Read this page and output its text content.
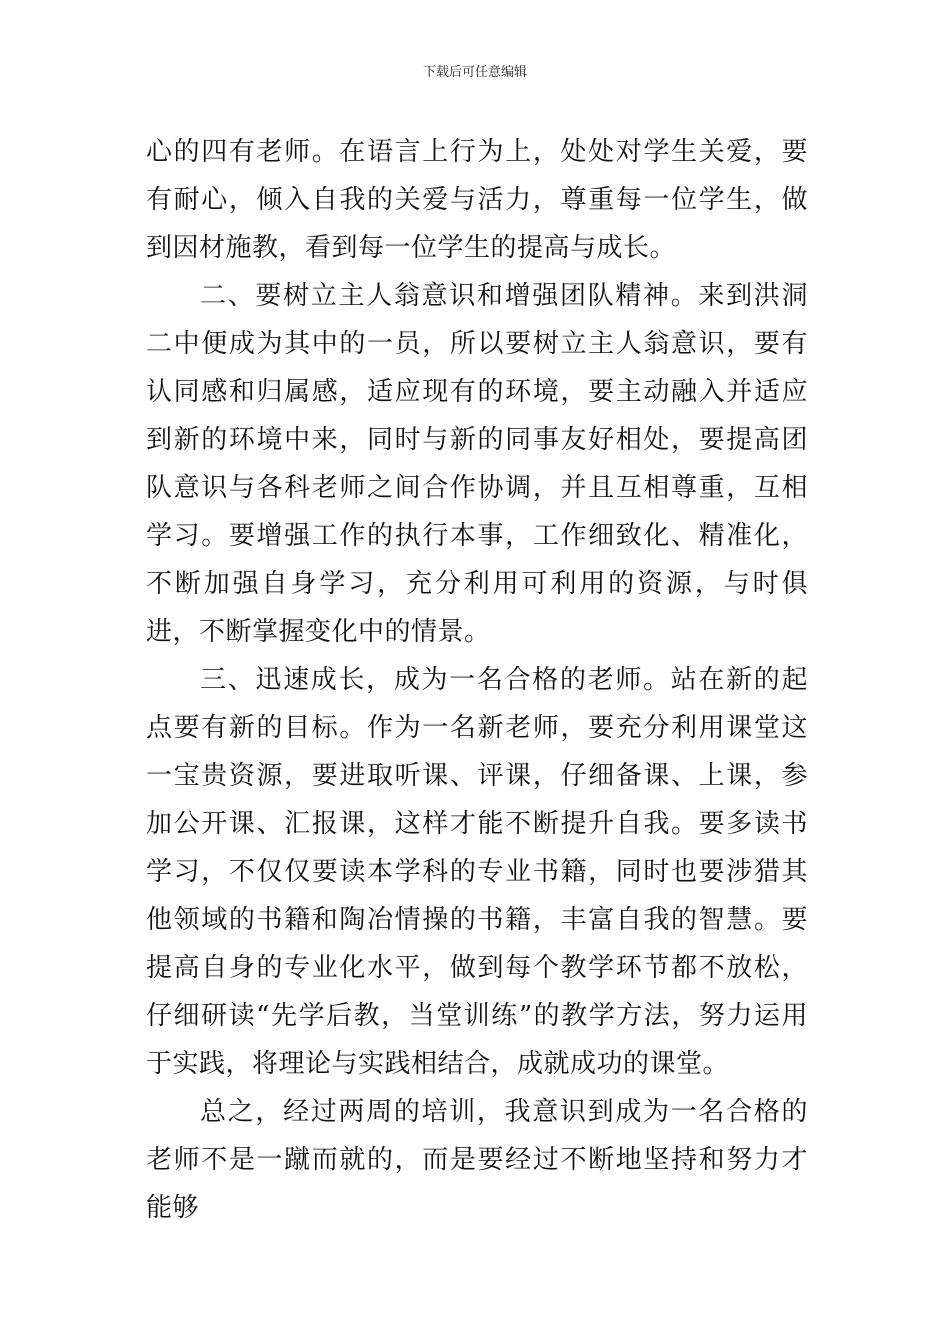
下载后可任意编辑

心的四有老师。在语言上行为上，处处对学生关爱，要有耐心，倾入自我的关爱与活力，尊重每一位学生，做到因材施教，看到每一位学生的提高与成长。

二、要树立主人翁意识和增强团队精神。来到洪洞二中便成为其中的一员，所以要树立主人翁意识，要有认同感和归属感，适应现有的环境，要主动融入并适应到新的环境中来，同时与新的同事友好相处，要提高团队意识与各科老师之间合作协调，并且互相尊重，互相学习。要增强工作的执行本事，工作细致化、精准化，不断加强自身学习，充分利用可利用的资源，与时俱进，不断掌握变化中的情景。

三、迅速成长，成为一名合格的老师。站在新的起点要有新的目标。作为一名新老师，要充分利用课堂这一宝贵资源，要进取听课、评课，仔细备课、上课，参加公开课、汇报课，这样才能不断提升自我。要多读书学习，不仅仅要读本学科的专业书籍，同时也要涉猎其他领域的书籍和陶冶情操的书籍，丰富自我的智慧。要提高自身的专业化水平，做到每个教学环节都不放松，仔细研读“先学后教，当堂训练”的教学方法，努力运用于实践，将理论与实践相结合，成就成功的课堂。

总之，经过两周的培训，我意识到成为一名合格的老师不是一蹴而就的，而是要经过不断地坚持和努力才能够
